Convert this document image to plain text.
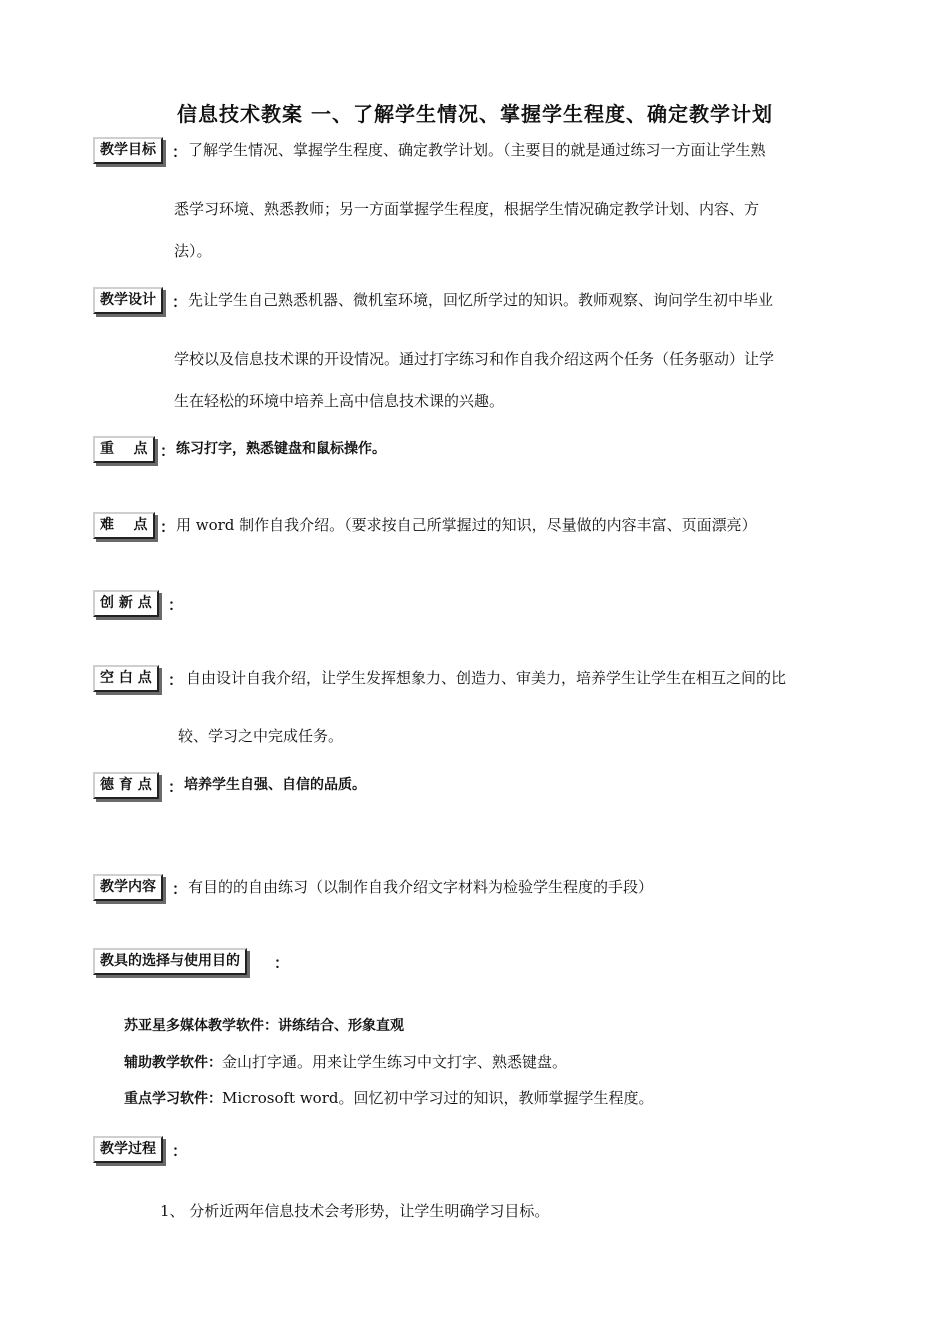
信息技术教案 一、了解学生情况、掌握学生程度、确定教学计划
教学目标	： 了解学生情况、掌握学生程度、确定教学计划。（主要目的就是通过练习一方面让学生熟
悉学习环境、熟悉教师；另一方面掌握学生程度，根据学生情况确定教学计划、内容、方
法）。
教学设计	： 先让学生自己熟悉机器、微机室环境，回忆所学过的知识。教师观察、询问学生初中毕业
学校以及信息技术课的开设情况。通过打字练习和作自我介绍这两个任务（任务驱动）让学
生在轻松的环境中培养上高中信息技术课的兴趣。
重    点 ： 练习打字，熟悉键盘和鼠标操作。
难    点 ： 用 word 制作自我介绍。（要求按自己所掌握过的知识，尽量做的内容丰富、页面漂亮）
创 新 点	：
空 白 点	： 自由设计自我介绍，让学生发挥想象力、创造力、审美力，培养学生让学生在相互之间的比
较、学习之中完成任务。
德 育 点	： 培养学生自强、自信的品质。
教学内容	： 有目的的自由练习（以制作自我介绍文字材料为检验学生程度的手段）
教具的选择与使用目的	：
苏亚星多媒体教学软件：讲练结合、形象直观
辅助教学软件：金山打字通。用来让学生练习中文打字、熟悉键盘。
重点学习软件：Microsoft word。回忆初中学习过的知识，教师掌握学生程度。
教学过程	：
1、 分析近两年信息技术会考形势，让学生明确学习目标。
